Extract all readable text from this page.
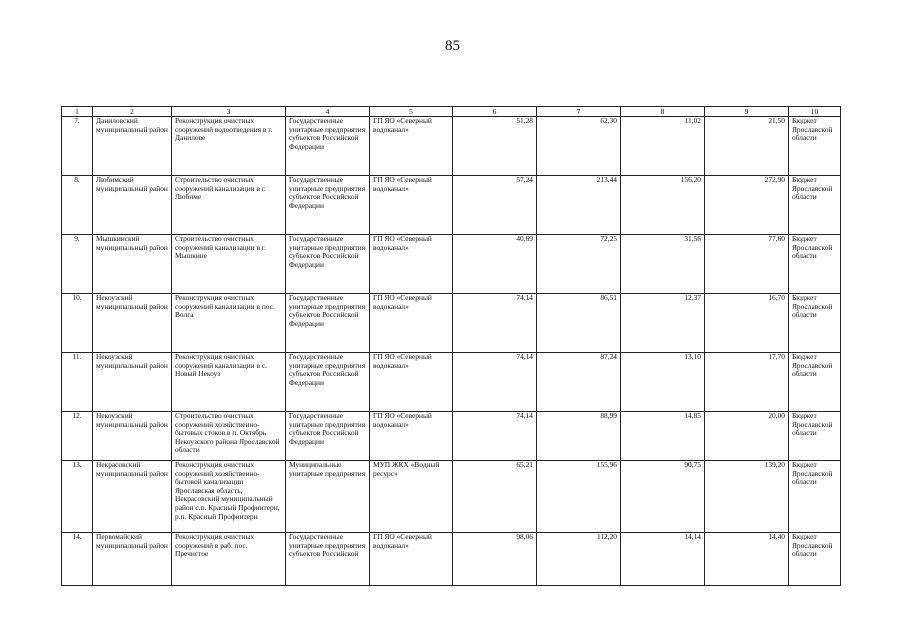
85
1	2	3	4	5	6	7	8	9	10
7.	Даниловский муниципальный район	Реконструкция очистных сооружений водоотведения в г. Данилове	Государственные унитарные предприятия субъектов Российской Федерации	ГП ЯО «Северный водоканал»	51,28	62,30	11,02	21,50	Бюджет Ярославской области
8.	Любимский муниципальный район	Строительство очистных сооружений канализации в г. Любиме	Государственные унитарные предприятия субъектов Российской Федерации	ГП ЯО «Северный водоканал»	57,24	213,44	156,20	272,90	Бюджет Ярославской области
9.	Мышкинский муниципальный район	Строительство очистных сооружений канализации в г. Мышкине	Государственные унитарные предприятия субъектов Российской Федерации	ГП ЯО «Северный водоканал»	40,69	72,25	31,56	77,60	Бюджет Ярославской области
10.	Некоузский муниципальный район	Реконструкция очистных сооружений канализации в пос. Волга	Государственные унитарные предприятия субъектов Российской Федерации	ГП ЯО «Северный водоканал»	74,14	86,51	12,37	16,70	Бюджет Ярославской области
11.	Некоузский муниципальный район	Реконструкция очистных сооружений канализации в с. Новый Некоуз	Государственные унитарные предприятия субъектов Российской Федерации	ГП ЯО «Северный водоканал»	74,14	87,24	13,10	17,70	Бюджет Ярославской области
12.	Некоузский муниципальный район	Строительство очистных сооружений хозяйственно-бытовых стоков в п. Октябрь Некоузского района Ярославской области	Государственные унитарные предприятия субъектов Российской Федерации	ГП ЯО «Северный водоканал»	74,14	88,99	14,85	20,00	Бюджет Ярославской области
13.	Некрасовский муниципальный район	Реконструкция очистных сооружений хозяйственно-бытовой канализации Ярославская область, Некрасовский муниципальный район с.п. Красный Профинтерн, р.п. Красный Профинтерн	Муниципальные унитарные предприятия	МУП ЖКХ «Водный ресурс»	65,21	155,96	90,75	139,20	Бюджет Ярославской области
14.	Первомайский муниципальный район	Реконструкция очистных сооружений в раб. пос. Пречистое	Государственные унитарные предприятия субъектов Российской	ГП ЯО «Северный водоканал»	98,06	112,20	14,14	14,40	Бюджет Ярославской области
